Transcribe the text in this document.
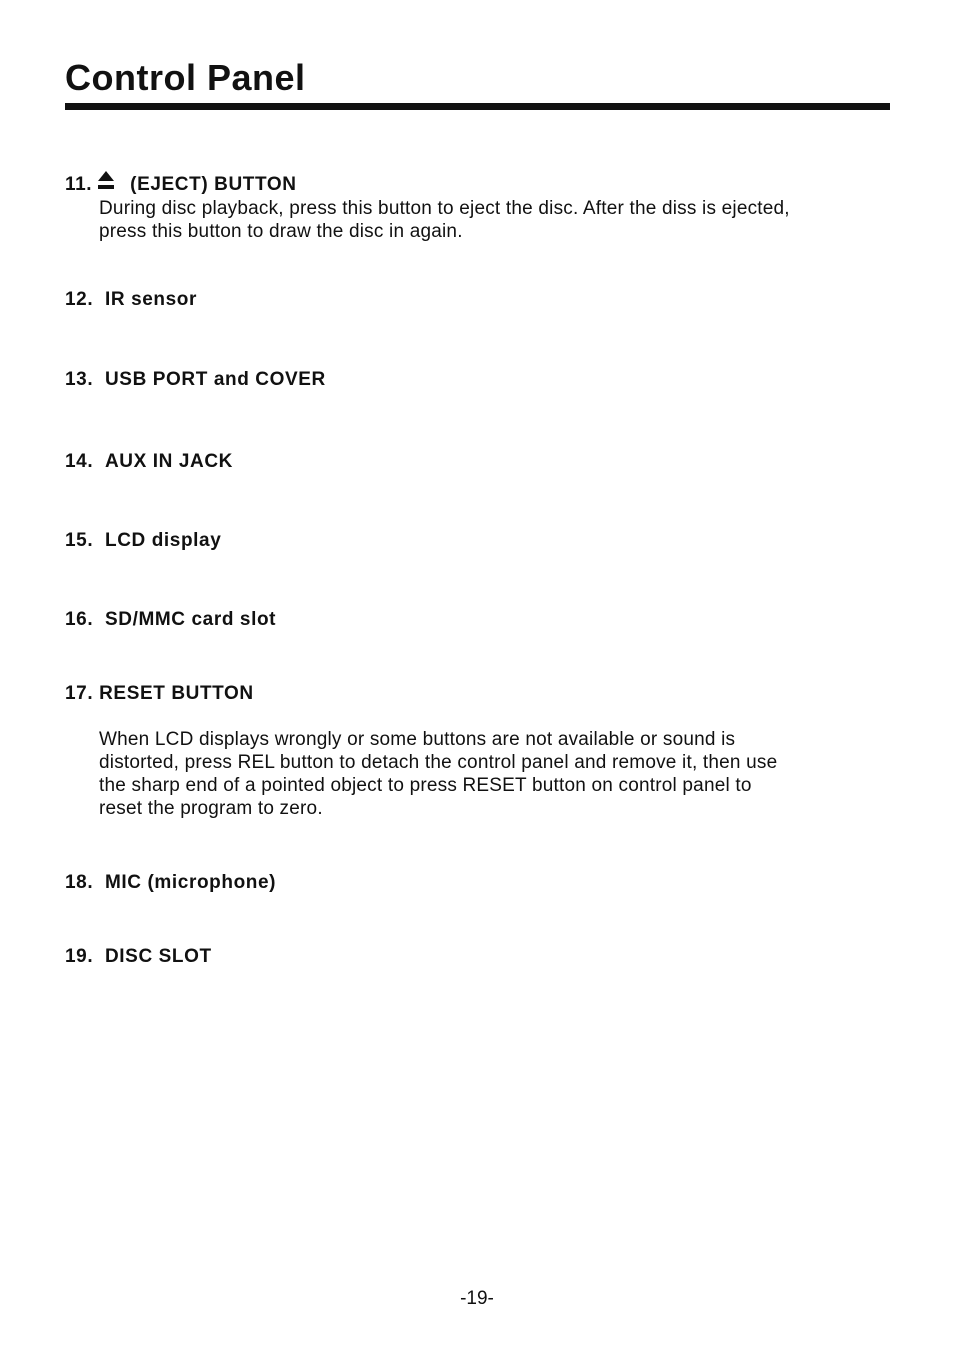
Control Panel
11. (EJECT) BUTTON
During disc playback, press this button to eject the disc. After the diss is ejected,
press this button to draw the disc in again.
12. IR sensor
13. USB PORT and COVER
14. AUX IN JACK
15. LCD display
16. SD/MMC card slot
17. RESET BUTTON
When LCD displays wrongly or some buttons are not available or sound is
distorted, press REL button to detach the control panel and remove it, then use
the sharp end of a pointed object to press RESET button on control panel to
reset the program to zero.
18. MIC (microphone)
19. DISC SLOT
-19-
